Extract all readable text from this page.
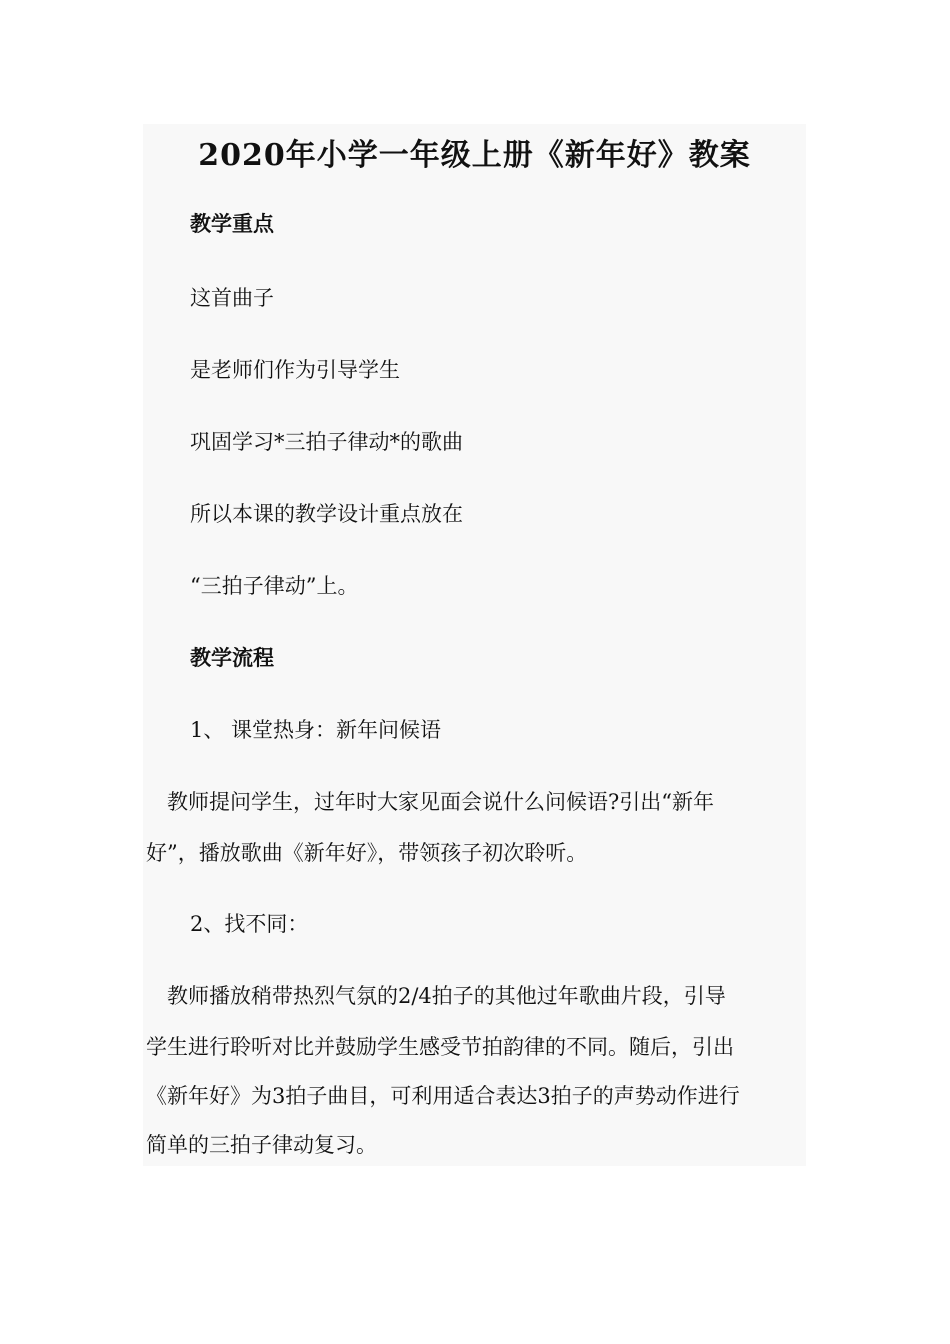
2020年小学一年级上册《新年好》教案
教学重点

这首曲子

是老师们作为引导学生

巩固学习*三拍子律动*的歌曲

所以本课的教学设计重点放在

“三拍子律动”上。

教学流程

1、 课堂热身：新年问候语

　教师提问学生，过年时大家见面会说什么问候语?引出“新年

好”，播放歌曲《新年好》，带领孩子初次聆听。

2、找不同：

　教师播放稍带热烈气氛的2/4拍子的其他过年歌曲片段，引导

学生进行聆听对比并鼓励学生感受节拍韵律的不同。随后，引出

《新年好》为3拍子曲目，可利用适合表达3拍子的声势动作进行

简单的三拍子律动复习。
